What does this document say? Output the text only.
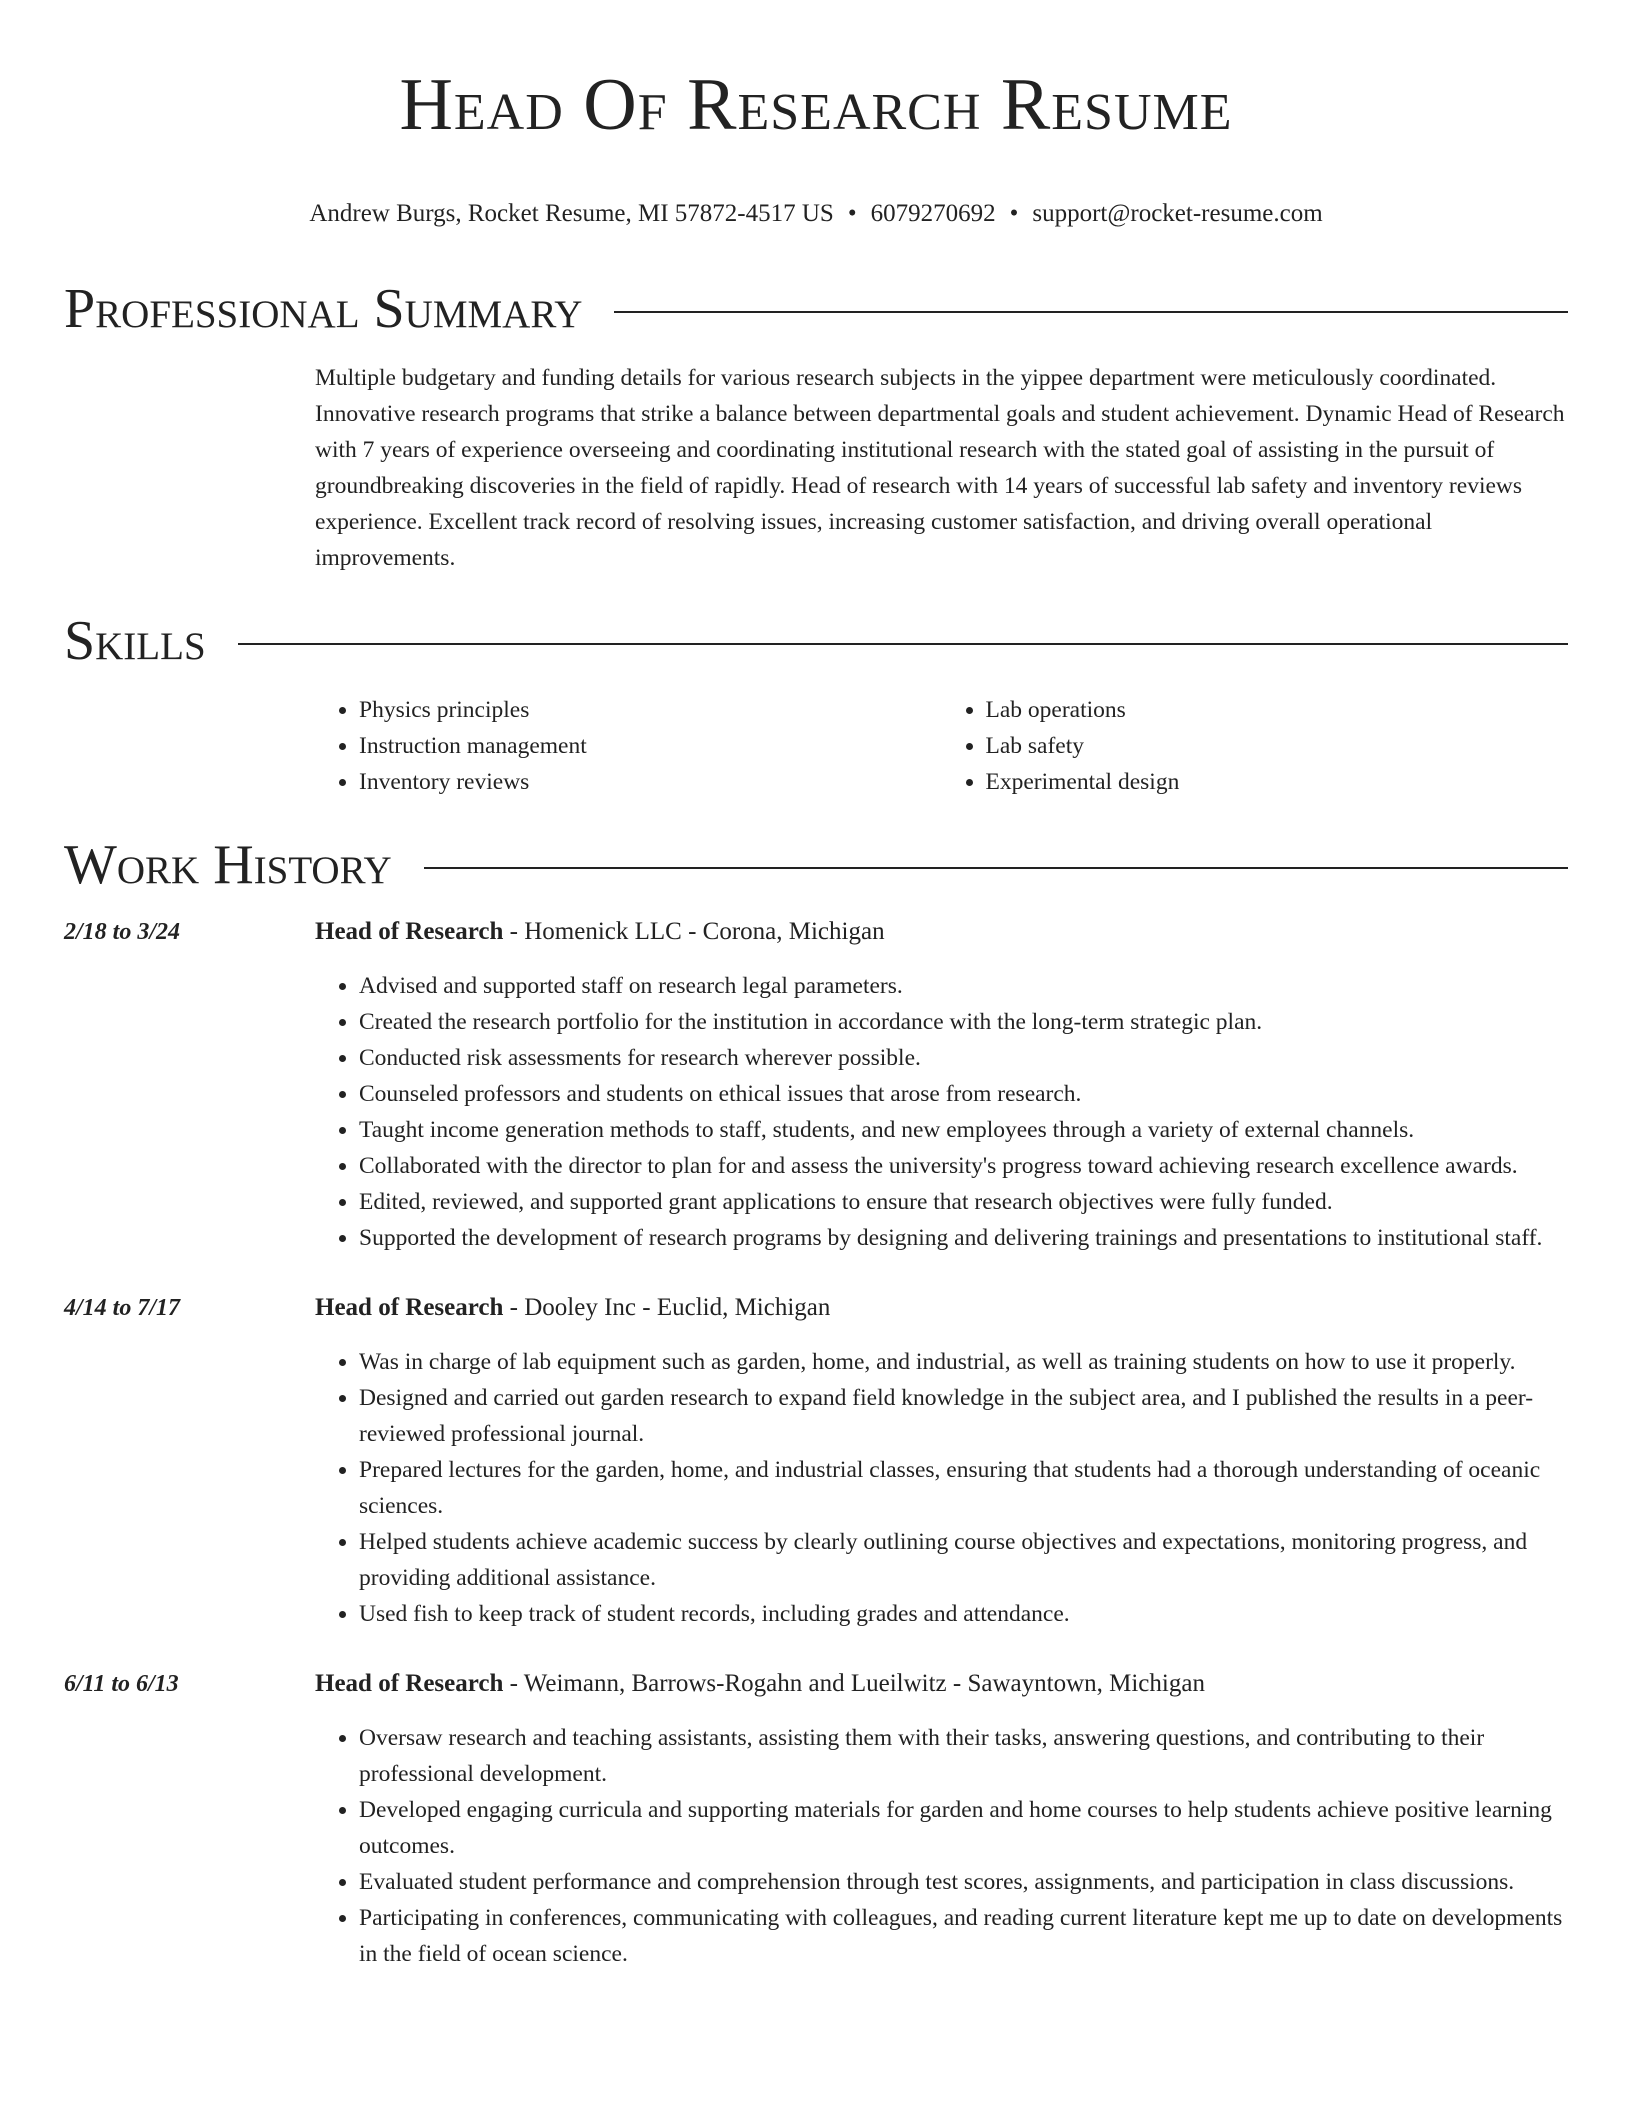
Head Of Research Resume
Andrew Burgs, Rocket Resume, MI 57872-4517 US • 6079270692 • support@rocket-resume.com
Professional Summary
Multiple budgetary and funding details for various research subjects in the yippee department were meticulously coordinated. Innovative research programs that strike a balance between departmental goals and student achievement. Dynamic Head of Research with 7 years of experience overseeing and coordinating institutional research with the stated goal of assisting in the pursuit of groundbreaking discoveries in the field of rapidly. Head of research with 14 years of successful lab safety and inventory reviews experience. Excellent track record of resolving issues, increasing customer satisfaction, and driving overall operational improvements.
Skills
• Physics principles
• Instruction management
• Inventory reviews
• Lab operations
• Lab safety
• Experimental design
Work History
2/18 to 3/24	Head of Research - Homenick LLC - Corona, Michigan
• Advised and supported staff on research legal parameters.
• Created the research portfolio for the institution in accordance with the long-term strategic plan.
• Conducted risk assessments for research wherever possible.
• Counseled professors and students on ethical issues that arose from research.
• Taught income generation methods to staff, students, and new employees through a variety of external channels.
• Collaborated with the director to plan for and assess the university's progress toward achieving research excellence awards.
• Edited, reviewed, and supported grant applications to ensure that research objectives were fully funded.
• Supported the development of research programs by designing and delivering trainings and presentations to institutional staff.
4/14 to 7/17	Head of Research - Dooley Inc - Euclid, Michigan
• Was in charge of lab equipment such as garden, home, and industrial, as well as training students on how to use it properly.
• Designed and carried out garden research to expand field knowledge in the subject area, and I published the results in a peer-reviewed professional journal.
• Prepared lectures for the garden, home, and industrial classes, ensuring that students had a thorough understanding of oceanic sciences.
• Helped students achieve academic success by clearly outlining course objectives and expectations, monitoring progress, and providing additional assistance.
• Used fish to keep track of student records, including grades and attendance.
6/11 to 6/13	Head of Research - Weimann, Barrows-Rogahn and Lueilwitz - Sawayntown, Michigan
• Oversaw research and teaching assistants, assisting them with their tasks, answering questions, and contributing to their professional development.
• Developed engaging curricula and supporting materials for garden and home courses to help students achieve positive learning outcomes.
• Evaluated student performance and comprehension through test scores, assignments, and participation in class discussions.
• Participating in conferences, communicating with colleagues, and reading current literature kept me up to date on developments in the field of ocean science.
